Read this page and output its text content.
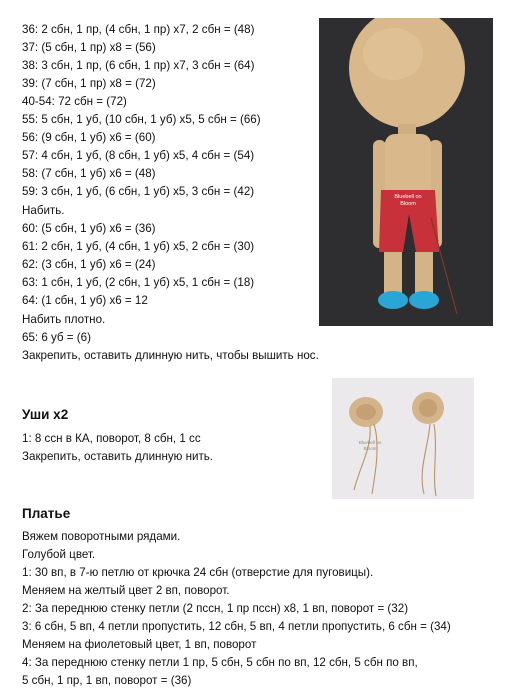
36: 2 сбн, 1 пр, (4 сбн, 1 пр) х7, 2 сбн = (48)
37: (5 сбн, 1 пр) х8 = (56)
38: 3 сбн, 1 пр, (6 сбн, 1 пр) х7, 3 сбн = (64)
39: (7 сбн, 1 пр) х8 = (72)
40-54: 72 сбн = (72)
55: 5 сбн, 1 уб, (10 сбн, 1 уб) х5, 5 сбн = (66)
56: (9 сбн, 1 уб) х6 = (60)
57: 4 сбн, 1 уб, (8 сбн, 1 уб) х5, 4 сбн = (54)
58: (7 сбн, 1 уб) х6 = (48)
59: 3 сбн, 1 уб, (6 сбн, 1 уб) х5, 3 сбн = (42)
Набить.
60: (5 сбн, 1 уб) х6 = (36)
61: 2 сбн, 1 уб, (4 сбн, 1 уб) х5, 2 сбн = (30)
62: (3 сбн, 1 уб) х6 = (24)
63: 1 сбн, 1 уб, (2 сбн, 1 уб) х5, 1 сбн = (18)
64: (1 сбн, 1 уб) х6 = 12
Набить плотно.
65: 6 уб = (6)
Закрепить, оставить длинную нить, чтобы вышить нос.
Bluebell on
Bloom
Уши х2
1: 8 ссн в КА, поворот, 8 сбн, 1 сс
Закрепить, оставить длинную нить.
Bluebell on
Bloom
Платье
Вяжем поворотными рядами.
Голубой цвет.
1: 30 вп, в 7-ю петлю от крючка 24 сбн (отверстие для пуговицы).
Меняем на желтый цвет 2 вп, поворот.
2: За переднюю стенку петли (2 пссн, 1 пр пссн) х8, 1 вп, поворот = (32)
3: 6 сбн, 5 вп, 4 петли пропустить, 12 сбн, 5 вп, 4 петли пропустить, 6 сбн = (34)
Меняем на фиолетовый цвет, 1 вп, поворот
4: За переднюю стенку петли 1 пр, 5 сбн, 5 сбн по вп, 12 сбн, 5 сбн по вп,
5 сбн, 1 пр, 1 вп, поворот = (36)
